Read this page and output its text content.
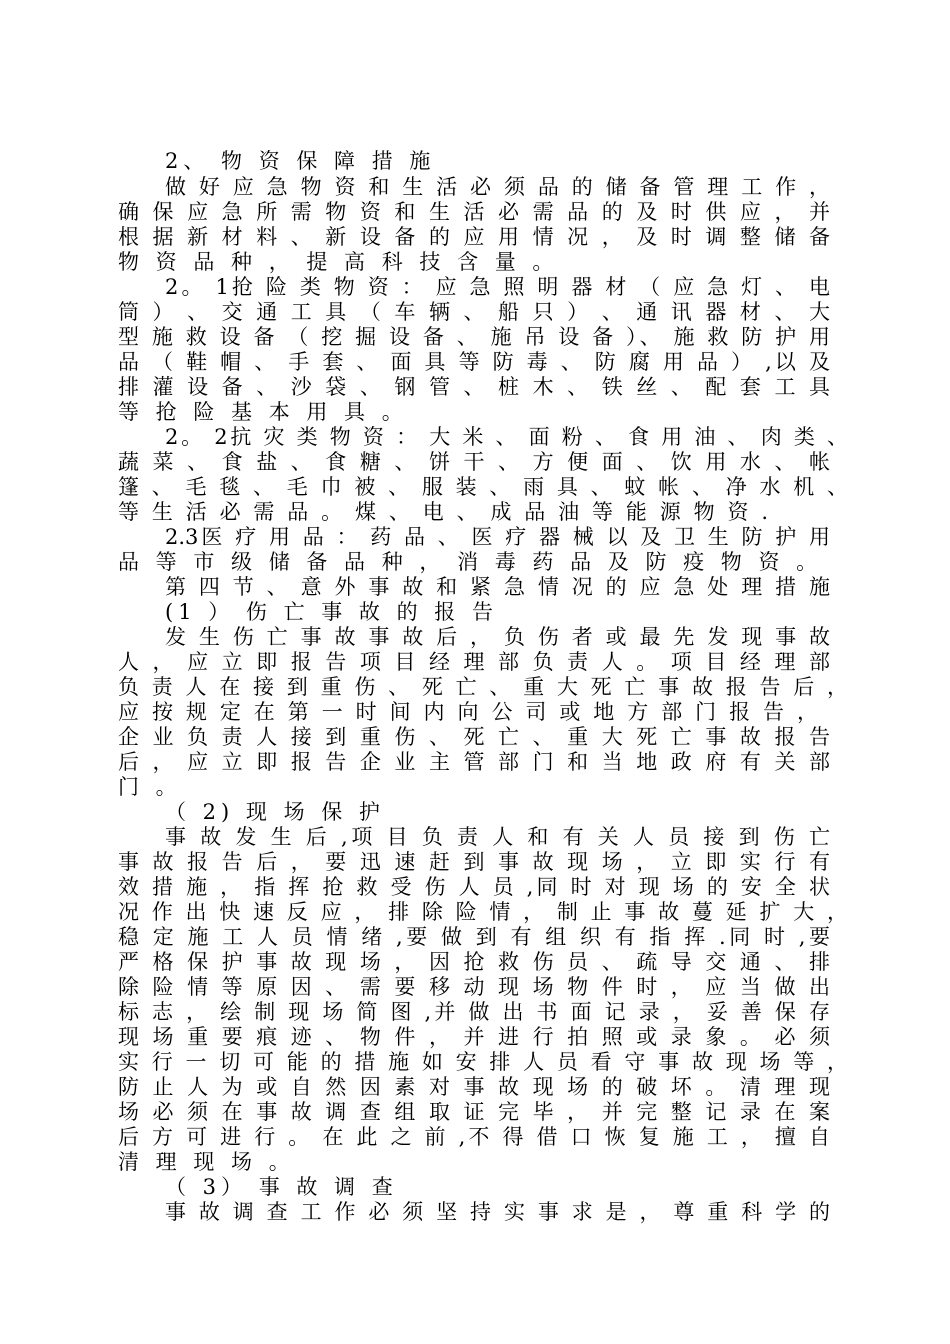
2、 物 资 保 障 措 施
做 好 应 急 物 资 和 生 活 必 须 品 的 储 备 管 理 工 作 ，
确 保 应 急 所 需 物 资 和 生 活 必 需 品 的 及 时 供 应 ， 并
根 据 新 材 料 、 新 设 备 的 应 用 情 况 ， 及 时 调 整 储 备
物 资 品 种 ， 提 高 科 技 含 量 。
2。 1抢 险 类 物 资 ： 应 急 照 明 器 材 （ 应 急 灯 、 电
筒 ） 、 交 通 工 具 （ 车 辆 、 船 只 ） 、 通 讯 器 材 、 大
型 施 救 设 备 （ 挖 掘 设 备 、 施 吊 设 备 ）、 施 救 防 护 用
品 （ 鞋 帽 、 手 套 、 面 具 等 防 毒 、 防 腐 用 品 ） ,以 及
排 灌 设 备 、 沙 袋 、 钢 管 、 桩 木 、 铁 丝 、 配 套 工 具
等 抢 险 基 本 用 具 。
2。 2抗 灾 类 物 资 ： 大 米 、 面 粉 、 食 用 油 、 肉 类 、
蔬 菜 、 食 盐 、 食 糖 、 饼 干 、 方 便 面 、 饮 用 水 、 帐
篷 、 毛 毯 、 毛 巾 被 、 服 装 、 雨 具 、 蚊 帐 、 净 水 机 、
等 生 活 必 需 品 。 煤 、 电 、 成 品 油 等 能 源 物 资 .
2.3医 疗 用 品 ： 药 品 、 医 疗 器 械 以 及 卫 生 防 护 用
品 等 市 级 储 备 品 种 ， 消 毒 药 品 及 防 疫 物 资 。
第 四 节 、 意 外 事 故 和 紧 急 情 况 的 应 急 处 理 措 施
(1 ） 伤 亡 事 故 的 报 告
发 生 伤 亡 事 故 事 故 后 ， 负 伤 者 或 最 先 发 现 事 故
人 ， 应 立 即 报 告 项 目 经 理 部 负 责 人 。 项 目 经 理 部
负 责 人 在 接 到 重 伤 、 死 亡 、 重 大 死 亡 事 故 报 告 后 ，
应 按 规 定 在 第 一 时 间 内 向 公 司 或 地 方 部 门 报 告 ，
企 业 负 责 人 接 到 重 伤 、 死 亡 、 重 大 死 亡 事 故 报 告
后 ， 应 立 即 报 告 企 业 主 管 部 门 和 当 地 政 府 有 关 部
门 。
（ 2) 现 场 保 护
事 故 发 生 后 ,项 目 负 责 人 和 有 关 人 员 接 到 伤 亡
事 故 报 告 后 ， 要 迅 速 赶 到 事 故 现 场 ， 立 即 实 行 有
效 措 施 ， 指 挥 抢 救 受 伤 人 员 ,同 时 对 现 场 的 安 全 状
况 作 出 快 速 反 应 ， 排 除 险 情 ， 制 止 事 故 蔓 延 扩 大 ，
稳 定 施 工 人 员 情 绪 ,要 做 到 有 组 织 有 指 挥 .同 时 ,要
严 格 保 护 事 故 现 场 ， 因 抢 救 伤 员 、 疏 导 交 通 、 排
除 险 情 等 原 因 、 需 要 移 动 现 场 物 件 时 ， 应 当 做 出
标 志 ， 绘 制 现 场 简 图 ,并 做 出 书 面 记 录 ， 妥 善 保 存
现 场 重 要 痕 迹 、 物 件 ， 并 进 行 拍 照 或 录 象 。 必 须
实 行 一 切 可 能 的 措 施 如 安 排 人 员 看 守 事 故 现 场 等 ，
防 止 人 为 或 自 然 因 素 对 事 故 现 场 的 破 坏 。 清 理 现
场 必 须 在 事 故 调 查 组 取 证 完 毕 ， 并 完 整 记 录 在 案
后 方 可 进 行 。 在 此 之 前 ,不 得 借 口 恢 复 施 工 ， 擅 自
清 理 现 场 。
（ 3） 事 故 调 查
事 故 调 查 工 作 必 须 坚 持 实 事 求 是 ， 尊 重 科 学 的
